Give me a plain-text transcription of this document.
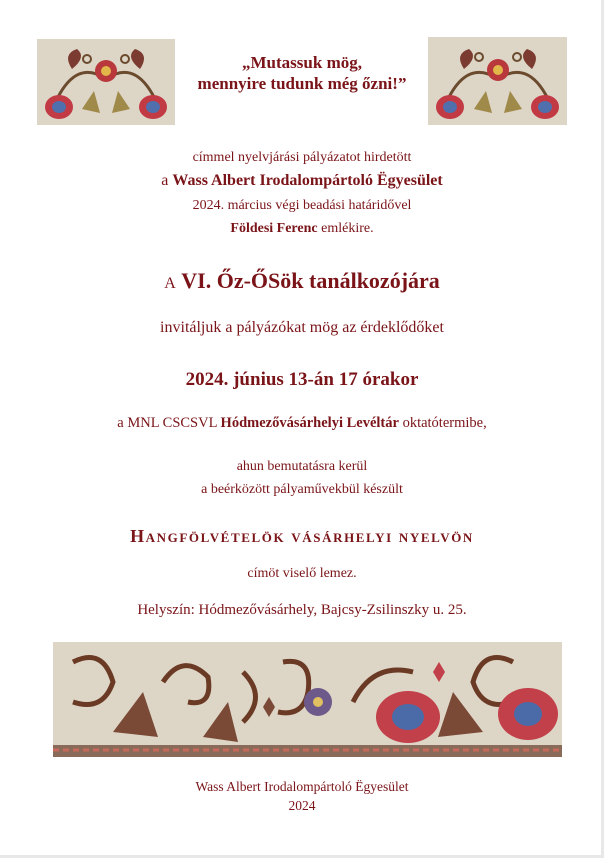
„Mutassuk mög,
mennyire tudunk még őzni!”
címmel nyelvjárási pályázatot hirdetött
a Wass Albert Irodalompártoló Ëgyesület
2024. március végi beadási határidővel
Földesi Ferenc emlékire.
A VI. Őz-ŐSök tanálkozójára
invitáljuk a pályázókat mög az érdeklődőket
2024. június 13-án 17 órakor
a MNL CSCSVL Hódmezővásárhelyi Levéltár oktatótermibe,
ahun bemutatásra kerül
a beérközött pályaművekbül készült
Hangfölvételök vásárhelyi nyelvön
címöt viselő lemez.
Helyszín: Hódmezővásárhely, Bajcsy-Zsilinszky u. 25.
Wass Albert Irodalompártoló Ëgyesület
2024
